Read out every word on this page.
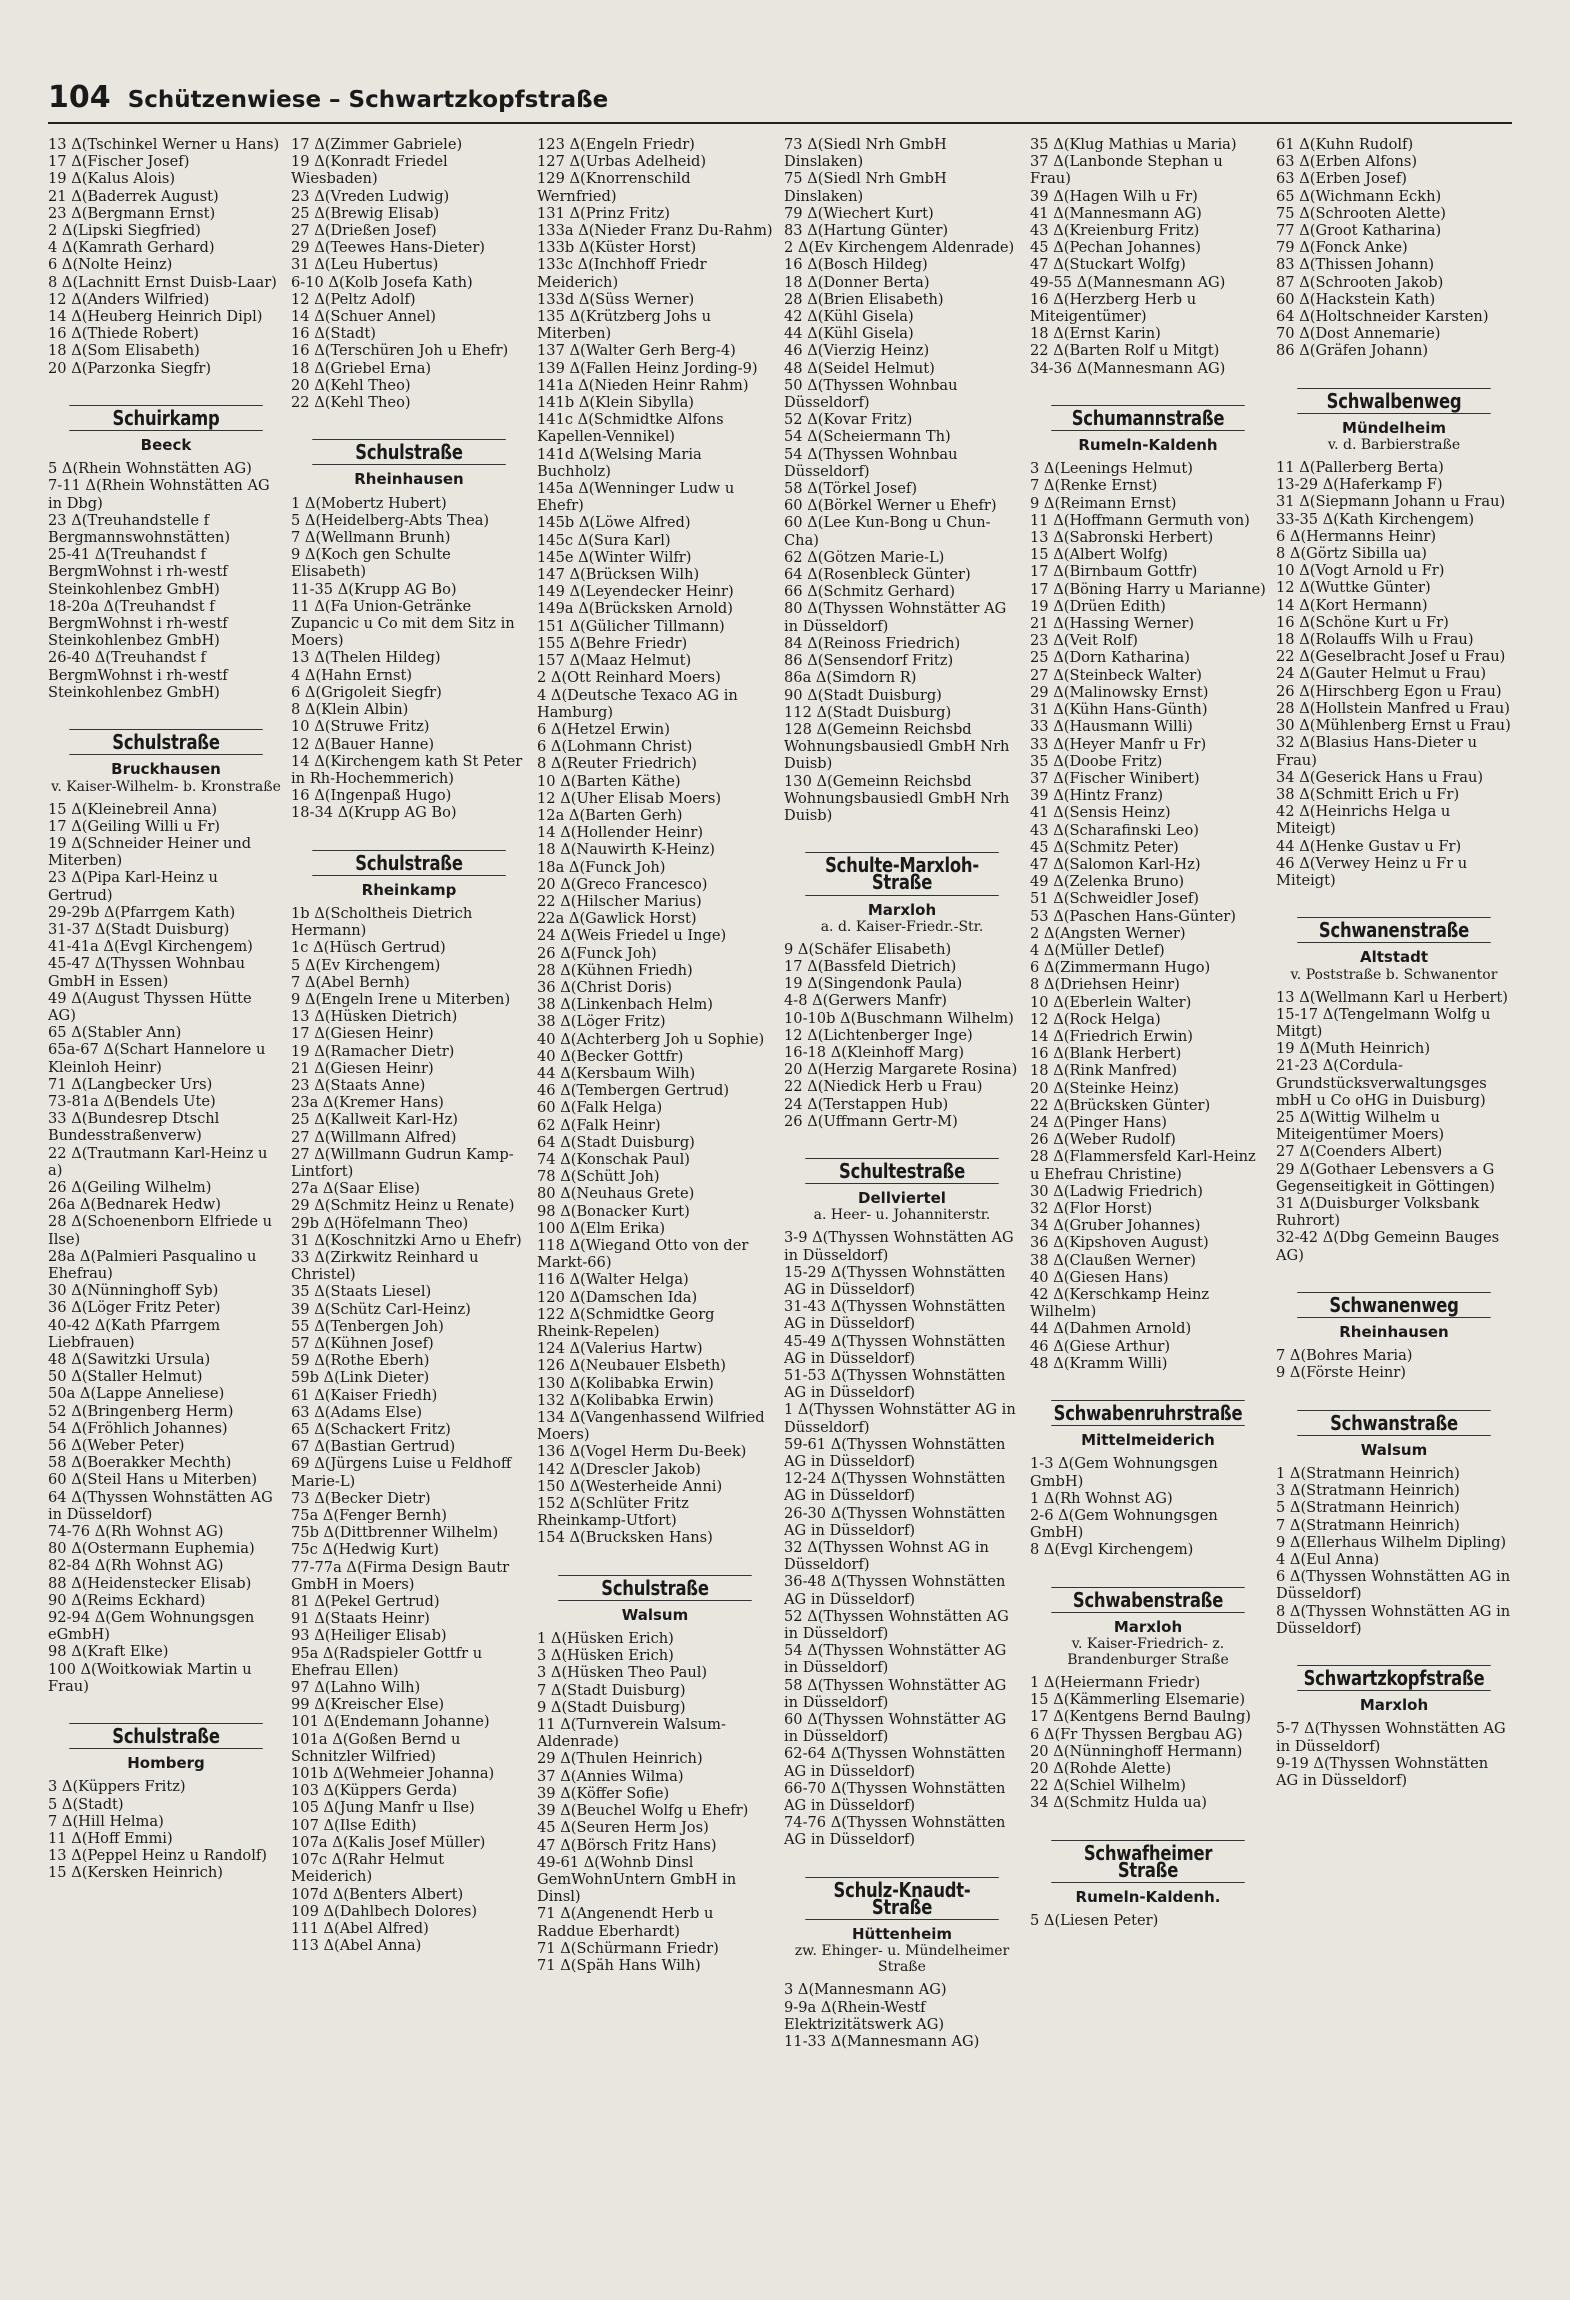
104 Schützenwiese – Schwartzkopfstraße

13 Δ(Tschinkel Werner u Hans)

17 Δ(Fischer Josef)

19 Δ(Kalus Alois)

21 Δ(Baderrek August)

23 Δ(Bergmann Ernst)

2 Δ(Lipski Siegfried)

4 Δ(Kamrath Gerhard)

6 Δ(Nolte Heinz)

8 Δ(Lachnitt Ernst Duisb-Laar)

12 Δ(Anders Wilfried)

14 Δ(Heuberg Heinrich Dipl)

16 Δ(Thiede Robert)

18 Δ(Som Elisabeth)

20 Δ(Parzonka Siegfr)

Schuirkamp
Beeck

5 Δ(Rhein Wohnstätten AG)

7-11 Δ(Rhein Wohnstätten AG in Dbg)

23 Δ(Treuhandstelle f Bergmannswohnstätten)

25-41 Δ(Treuhandst f BergmWohnst i rh-westf Steinkohlenbez GmbH)

18-20a Δ(Treuhandst f BergmWohnst i rh-westf Steinkohlenbez GmbH)

26-40 Δ(Treuhandst f BergmWohnst i rh-westf Steinkohlenbez GmbH)

Schulstraße
Bruckhausen
v. Kaiser-Wilhelm- b. Kronstraße

15 Δ(Kleinebreil Anna)

17 Δ(Geiling Willi u Fr)

19 Δ(Schneider Heiner und Miterben)

23 Δ(Pipa Karl-Heinz u Gertrud)

29-29b Δ(Pfarrgem Kath)

31-37 Δ(Stadt Duisburg)

41-41a Δ(Evgl Kirchengem)

45-47 Δ(Thyssen Wohnbau GmbH in Essen)

49 Δ(August Thyssen Hütte AG)

65 Δ(Stabler Ann)

65a-67 Δ(Schart Hannelore u Kleinloh Heinr)

71 Δ(Langbecker Urs)

73-81a Δ(Bendels Ute)

33 Δ(Bundesrep Dtschl Bundesstraßenverw)

22 Δ(Trautmann Karl-Heinz u a)

26 Δ(Geiling Wilhelm)

26a Δ(Bednarek Hedw)

28 Δ(Schoenenborn Elfriede u Ilse)

28a Δ(Palmieri Pasqualino u Ehefrau)

30 Δ(Nünninghoff Syb)

36 Δ(Löger Fritz Peter)

40-42 Δ(Kath Pfarrgem Liebfrauen)

48 Δ(Sawitzki Ursula)

50 Δ(Staller Helmut)

50a Δ(Lappe Anneliese)

52 Δ(Bringenberg Herm)

54 Δ(Fröhlich Johannes)

56 Δ(Weber Peter)

58 Δ(Boerakker Mechth)

60 Δ(Steil Hans u Miterben)

64 Δ(Thyssen Wohnstätten AG in Düsseldorf)

74-76 Δ(Rh Wohnst AG)

80 Δ(Ostermann Euphemia)

82-84 Δ(Rh Wohnst AG)

88 Δ(Heidenstecker Elisab)

90 Δ(Reims Eckhard)

92-94 Δ(Gem Wohnungsgen eGmbH)

98 Δ(Kraft Elke)

100 Δ(Woitkowiak Martin u Frau)

Schulstraße
Homberg

3 Δ(Küppers Fritz)

5 Δ(Stadt)

7 Δ(Hill Helma)

11 Δ(Hoff Emmi)

13 Δ(Peppel Heinz u Randolf)

15 Δ(Kersken Heinrich)

17 Δ(Zimmer Gabriele)

19 Δ(Konradt Friedel Wiesbaden)

23 Δ(Vreden Ludwig)

25 Δ(Brewig Elisab)

27 Δ(Drießen Josef)

29 Δ(Teewes Hans-Dieter)

31 Δ(Leu Hubertus)

6-10 Δ(Kolb Josefa Kath)

12 Δ(Peltz Adolf)

14 Δ(Schuer Annel)

16 Δ(Stadt)

16 Δ(Terschüren Joh u Ehefr)

18 Δ(Griebel Erna)

20 Δ(Kehl Theo)

22 Δ(Kehl Theo)

Schulstraße
Rheinhausen

1 Δ(Mobertz Hubert)

5 Δ(Heidelberg-Abts Thea)

7 Δ(Wellmann Brunh)

9 Δ(Koch gen Schulte Elisabeth)

11-35 Δ(Krupp AG Bo)

11 Δ(Fa Union-Getränke Zupancic u Co mit dem Sitz in Moers)

13 Δ(Thelen Hildeg)

4 Δ(Hahn Ernst)

6 Δ(Grigoleit Siegfr)

8 Δ(Klein Albin)

10 Δ(Struwe Fritz)

12 Δ(Bauer Hanne)

14 Δ(Kirchengem kath St Peter in Rh-Hochemmerich)

16 Δ(Ingenpaß Hugo)

18-34 Δ(Krupp AG Bo)

Schulstraße
Rheinkamp

1b Δ(Scholtheis Dietrich Hermann)

1c Δ(Hüsch Gertrud)

5 Δ(Ev Kirchengem)

7 Δ(Abel Bernh)

9 Δ(Engeln Irene u Miterben)

13 Δ(Hüsken Dietrich)

17 Δ(Giesen Heinr)

19 Δ(Ramacher Dietr)

21 Δ(Giesen Heinr)

23 Δ(Staats Anne)

23a Δ(Kremer Hans)

25 Δ(Kallweit Karl-Hz)

27 Δ(Willmann Alfred)

27 Δ(Willmann Gudrun Kamp-Lintfort)

27a Δ(Saar Elise)

29 Δ(Schmitz Heinz u Renate)

29b Δ(Höfelmann Theo)

31 Δ(Koschnitzki Arno u Ehefr)

33 Δ(Zirkwitz Reinhard u Christel)

35 Δ(Staats Liesel)

39 Δ(Schütz Carl-Heinz)

55 Δ(Tenbergen Joh)

57 Δ(Kühnen Josef)

59 Δ(Rothe Eberh)

59b Δ(Link Dieter)

61 Δ(Kaiser Friedh)

63 Δ(Adams Else)

65 Δ(Schackert Fritz)

67 Δ(Bastian Gertrud)

69 Δ(Jürgens Luise u Feldhoff Marie-L)

73 Δ(Becker Dietr)

75a Δ(Fenger Bernh)

75b Δ(Dittbrenner Wilhelm)

75c Δ(Hedwig Kurt)

77-77a Δ(Firma Design Bautr GmbH in Moers)

81 Δ(Pekel Gertrud)

91 Δ(Staats Heinr)

93 Δ(Heiliger Elisab)

95a Δ(Radspieler Gottfr u Ehefrau Ellen)

97 Δ(Lahno Wilh)

99 Δ(Kreischer Else)

101 Δ(Endemann Johanne)

101a Δ(Goßen Bernd u Schnitzler Wilfried)

101b Δ(Wehmeier Johanna)

103 Δ(Küppers Gerda)

105 Δ(Jung Manfr u Ilse)

107 Δ(Ilse Edith)

107a Δ(Kalis Josef Müller)

107c Δ(Rahr Helmut Meiderich)

107d Δ(Benters Albert)

109 Δ(Dahlbech Dolores)

111 Δ(Abel Alfred)

113 Δ(Abel Anna)

123 Δ(Engeln Friedr)

127 Δ(Urbas Adelheid)

129 Δ(Knorrenschild Wernfried)

131 Δ(Prinz Fritz)

133a Δ(Nieder Franz Du-Rahm)

133b Δ(Küster Horst)

133c Δ(Inchhoff Friedr Meiderich)

133d Δ(Süss Werner)

135 Δ(Krützberg Johs u Miterben)

137 Δ(Walter Gerh Berg-4)

139 Δ(Fallen Heinz Jording-9)

141a Δ(Nieden Heinr Rahm)

141b Δ(Klein Sibylla)

141c Δ(Schmidtke Alfons Kapellen-Vennikel)

141d Δ(Welsing Maria Buchholz)

145a Δ(Wenninger Ludw u Ehefr)

145b Δ(Löwe Alfred)

145c Δ(Sura Karl)

145e Δ(Winter Wilfr)

147 Δ(Brücksen Wilh)

149 Δ(Leyendecker Heinr)

149a Δ(Brücksken Arnold)

151 Δ(Gülicher Tillmann)

155 Δ(Behre Friedr)

157 Δ(Maaz Helmut)

2 Δ(Ott Reinhard Moers)

4 Δ(Deutsche Texaco AG in Hamburg)

6 Δ(Hetzel Erwin)

6 Δ(Lohmann Christ)

8 Δ(Reuter Friedrich)

10 Δ(Barten Käthe)

12 Δ(Uher Elisab Moers)

12a Δ(Barten Gerh)

14 Δ(Hollender Heinr)

18 Δ(Nauwirth K-Heinz)

18a Δ(Funck Joh)

20 Δ(Greco Francesco)

22 Δ(Hilscher Marius)

22a Δ(Gawlick Horst)

24 Δ(Weis Friedel u Inge)

26 Δ(Funck Joh)

28 Δ(Kühnen Friedh)

36 Δ(Christ Doris)

38 Δ(Linkenbach Helm)

38 Δ(Löger Fritz)

40 Δ(Achterberg Joh u Sophie)

40 Δ(Becker Gottfr)

44 Δ(Kersbaum Wilh)

46 Δ(Tembergen Gertrud)

60 Δ(Falk Helga)

62 Δ(Falk Heinr)

64 Δ(Stadt Duisburg)

74 Δ(Konschak Paul)

78 Δ(Schütt Joh)

80 Δ(Neuhaus Grete)

98 Δ(Bonacker Kurt)

100 Δ(Elm Erika)

118 Δ(Wiegand Otto von der Markt-66)

116 Δ(Walter Helga)

120 Δ(Damschen Ida)

122 Δ(Schmidtke Georg Rheink-Repelen)

124 Δ(Valerius Hartw)

126 Δ(Neubauer Elsbeth)

130 Δ(Kolibabka Erwin)

132 Δ(Kolibabka Erwin)

134 Δ(Vangenhassend Wilfried Moers)

136 Δ(Vogel Herm Du-Beek)

142 Δ(Drescler Jakob)

150 Δ(Westerheide Anni)

152 Δ(Schlüter Fritz Rheinkamp-Utfort)

154 Δ(Brucksken Hans)

Schulstraße
Walsum

1 Δ(Hüsken Erich)

3 Δ(Hüsken Erich)

3 Δ(Hüsken Theo Paul)

7 Δ(Stadt Duisburg)

9 Δ(Stadt Duisburg)

11 Δ(Turnverein Walsum-Aldenrade)

29 Δ(Thulen Heinrich)

37 Δ(Annies Wilma)

39 Δ(Köffer Sofie)

39 Δ(Beuchel Wolfg u Ehefr)

45 Δ(Seuren Herm Jos)

47 Δ(Börsch Fritz Hans)

49-61 Δ(Wohnb Dinsl GemWohnUntern GmbH in Dinsl)

71 Δ(Angenendt Herb u Raddue Eberhardt)

71 Δ(Schürmann Friedr)

71 Δ(Späh Hans Wilh)

73 Δ(Siedl Nrh GmbH Dinslaken)

75 Δ(Siedl Nrh GmbH Dinslaken)

79 Δ(Wiechert Kurt)

83 Δ(Hartung Günter)

2 Δ(Ev Kirchengem Aldenrade)

16 Δ(Bosch Hildeg)

18 Δ(Donner Berta)

28 Δ(Brien Elisabeth)

42 Δ(Kühl Gisela)

44 Δ(Kühl Gisela)

46 Δ(Vierzig Heinz)

48 Δ(Seidel Helmut)

50 Δ(Thyssen Wohnbau Düsseldorf)

52 Δ(Kovar Fritz)

54 Δ(Scheiermann Th)

54 Δ(Thyssen Wohnbau Düsseldorf)

58 Δ(Törkel Josef)

60 Δ(Börkel Werner u Ehefr)

60 Δ(Lee Kun-Bong u Chun-Cha)

62 Δ(Götzen Marie-L)

64 Δ(Rosenbleck Günter)

66 Δ(Schmitz Gerhard)

80 Δ(Thyssen Wohnstätter AG in Düsseldorf)

84 Δ(Reinoss Friedrich)

86 Δ(Sensendorf Fritz)

86a Δ(Simdorn R)

90 Δ(Stadt Duisburg)

112 Δ(Stadt Duisburg)

128 Δ(Gemeinn Reichsbd Wohnungsbausiedl GmbH Nrh Duisb)

130 Δ(Gemeinn Reichsbd Wohnungsbausiedl GmbH Nrh Duisb)

Schulte-Marxloh-Straße
Marxloh
a. d. Kaiser-Friedr.-Str.

9 Δ(Schäfer Elisabeth)

17 Δ(Bassfeld Dietrich)

19 Δ(Singendonk Paula)

4-8 Δ(Gerwers Manfr)

10-10b Δ(Buschmann Wilhelm)

12 Δ(Lichtenberger Inge)

16-18 Δ(Kleinhoff Marg)

20 Δ(Herzig Margarete Rosina)

22 Δ(Niedick Herb u Frau)

24 Δ(Terstappen Hub)

26 Δ(Uffmann Gertr-M)

Schultestraße
Dellviertel
a. Heer- u. Johanniterstr.

3-9 Δ(Thyssen Wohnstätten AG in Düsseldorf)

15-29 Δ(Thyssen Wohnstätten AG in Düsseldorf)

31-43 Δ(Thyssen Wohnstätten AG in Düsseldorf)

45-49 Δ(Thyssen Wohnstätten AG in Düsseldorf)

51-53 Δ(Thyssen Wohnstätten AG in Düsseldorf)

1 Δ(Thyssen Wohnstätter AG in Düsseldorf)

59-61 Δ(Thyssen Wohnstätten AG in Düsseldorf)

12-24 Δ(Thyssen Wohnstätten AG in Düsseldorf)

26-30 Δ(Thyssen Wohnstätten AG in Düsseldorf)

32 Δ(Thyssen Wohnst AG in Düsseldorf)

36-48 Δ(Thyssen Wohnstätten AG in Düsseldorf)

52 Δ(Thyssen Wohnstätten AG in Düsseldorf)

54 Δ(Thyssen Wohnstätter AG in Düsseldorf)

58 Δ(Thyssen Wohnstätter AG in Düsseldorf)

60 Δ(Thyssen Wohnstätter AG in Düsseldorf)

62-64 Δ(Thyssen Wohnstätten AG in Düsseldorf)

66-70 Δ(Thyssen Wohnstätten AG in Düsseldorf)

74-76 Δ(Thyssen Wohnstätten AG in Düsseldorf)

Schulz-Knaudt-Straße
Hüttenheim
zw. Ehinger- u. Mündelheimer Straße

3 Δ(Mannesmann AG)

9-9a Δ(Rhein-Westf Elektrizitätswerk AG)

11-33 Δ(Mannesmann AG)

35 Δ(Klug Mathias u Maria)

37 Δ(Lanbonde Stephan u Frau)

39 Δ(Hagen Wilh u Fr)

41 Δ(Mannesmann AG)

43 Δ(Kreienburg Fritz)

45 Δ(Pechan Johannes)

47 Δ(Stuckart Wolfg)

49-55 Δ(Mannesmann AG)

16 Δ(Herzberg Herb u Miteigentümer)

18 Δ(Ernst Karin)

22 Δ(Barten Rolf u Mitgt)

34-36 Δ(Mannesmann AG)

Schumannstraße
Rumeln-Kaldenh

3 Δ(Leenings Helmut)

7 Δ(Renke Ernst)

9 Δ(Reimann Ernst)

11 Δ(Hoffmann Germuth von)

13 Δ(Sabronski Herbert)

15 Δ(Albert Wolfg)

17 Δ(Birnbaum Gottfr)

17 Δ(Böning Harry u Marianne)

19 Δ(Drüen Edith)

21 Δ(Hassing Werner)

23 Δ(Veit Rolf)

25 Δ(Dorn Katharina)

27 Δ(Steinbeck Walter)

29 Δ(Malinowsky Ernst)

31 Δ(Kühn Hans-Günth)

33 Δ(Hausmann Willi)

33 Δ(Heyer Manfr u Fr)

35 Δ(Doobe Fritz)

37 Δ(Fischer Winibert)

39 Δ(Hintz Franz)

41 Δ(Sensis Heinz)

43 Δ(Scharafinski Leo)

45 Δ(Schmitz Peter)

47 Δ(Salomon Karl-Hz)

49 Δ(Zelenka Bruno)

51 Δ(Schweidler Josef)

53 Δ(Paschen Hans-Günter)

2 Δ(Angsten Werner)

4 Δ(Müller Detlef)

6 Δ(Zimmermann Hugo)

8 Δ(Driehsen Heinr)

10 Δ(Eberlein Walter)

12 Δ(Rock Helga)

14 Δ(Friedrich Erwin)

16 Δ(Blank Herbert)

18 Δ(Rink Manfred)

20 Δ(Steinke Heinz)

22 Δ(Brücksken Günter)

24 Δ(Pinger Hans)

26 Δ(Weber Rudolf)

28 Δ(Flammersfeld Karl-Heinz u Ehefrau Christine)

30 Δ(Ladwig Friedrich)

32 Δ(Flor Horst)

34 Δ(Gruber Johannes)

36 Δ(Kipshoven August)

38 Δ(Claußen Werner)

40 Δ(Giesen Hans)

42 Δ(Kerschkamp Heinz Wilhelm)

44 Δ(Dahmen Arnold)

46 Δ(Giese Arthur)

48 Δ(Kramm Willi)

Schwabenruhrstraße
Mittelmeiderich

1-3 Δ(Gem Wohnungsgen GmbH)

1 Δ(Rh Wohnst AG)

2-6 Δ(Gem Wohnungsgen GmbH)

8 Δ(Evgl Kirchengem)

Schwabenstraße
Marxloh
v. Kaiser-Friedrich- z. Brandenburger Straße

1 Δ(Heiermann Friedr)

15 Δ(Kämmerling Elsemarie)

17 Δ(Kentgens Bernd Baulng)

6 Δ(Fr Thyssen Bergbau AG)

20 Δ(Nünninghoff Hermann)

20 Δ(Rohde Alette)

22 Δ(Schiel Wilhelm)

34 Δ(Schmitz Hulda ua)

Schwafheimer Straße
Rumeln-Kaldenh.

5 Δ(Liesen Peter)

61 Δ(Kuhn Rudolf)

63 Δ(Erben Alfons)

63 Δ(Erben Josef)

65 Δ(Wichmann Eckh)

75 Δ(Schrooten Alette)

77 Δ(Groot Katharina)

79 Δ(Fonck Anke)

83 Δ(Thissen Johann)

87 Δ(Schrooten Jakob)

60 Δ(Hackstein Kath)

64 Δ(Holtschneider Karsten)

70 Δ(Dost Annemarie)

86 Δ(Gräfen Johann)

Schwalbenweg
Mündelheim
v. d. Barbierstraße

11 Δ(Pallerberg Berta)

13-29 Δ(Haferkamp F)

31 Δ(Siepmann Johann u Frau)

33-35 Δ(Kath Kirchengem)

6 Δ(Hermanns Heinr)

8 Δ(Görtz Sibilla ua)

10 Δ(Vogt Arnold u Fr)

12 Δ(Wuttke Günter)

14 Δ(Kort Hermann)

16 Δ(Schöne Kurt u Fr)

18 Δ(Rolauffs Wilh u Frau)

22 Δ(Geselbracht Josef u Frau)

24 Δ(Gauter Helmut u Frau)

26 Δ(Hirschberg Egon u Frau)

28 Δ(Hollstein Manfred u Frau)

30 Δ(Mühlenberg Ernst u Frau)

32 Δ(Blasius Hans-Dieter u Frau)

34 Δ(Geserick Hans u Frau)

38 Δ(Schmitt Erich u Fr)

42 Δ(Heinrichs Helga u Miteigt)

44 Δ(Henke Gustav u Fr)

46 Δ(Verwey Heinz u Fr u Miteigt)

Schwanenstraße
Altstadt
v. Poststraße b. Schwanentor

13 Δ(Wellmann Karl u Herbert)

15-17 Δ(Tengelmann Wolfg u Mitgt)

19 Δ(Muth Heinrich)

21-23 Δ(Cordula-Grundstücksverwaltungsges mbH u Co oHG in Duisburg)

25 Δ(Wittig Wilhelm u Miteigentümer Moers)

27 Δ(Coenders Albert)

29 Δ(Gothaer Lebensvers a G Gegenseitigkeit in Göttingen)

31 Δ(Duisburger Volksbank Ruhrort)

32-42 Δ(Dbg Gemeinn Bauges AG)

Schwanenweg
Rheinhausen

7 Δ(Bohres Maria)

9 Δ(Förste Heinr)

Schwanstraße
Walsum

1 Δ(Stratmann Heinrich)

3 Δ(Stratmann Heinrich)

5 Δ(Stratmann Heinrich)

7 Δ(Stratmann Heinrich)

9 Δ(Ellerhaus Wilhelm Dipling)

4 Δ(Eul Anna)

6 Δ(Thyssen Wohnstätten AG in Düsseldorf)

8 Δ(Thyssen Wohnstätten AG in Düsseldorf)

Schwartzkopfstraße
Marxloh

5-7 Δ(Thyssen Wohnstätten AG in Düsseldorf)

9-19 Δ(Thyssen Wohnstätten AG in Düsseldorf)
